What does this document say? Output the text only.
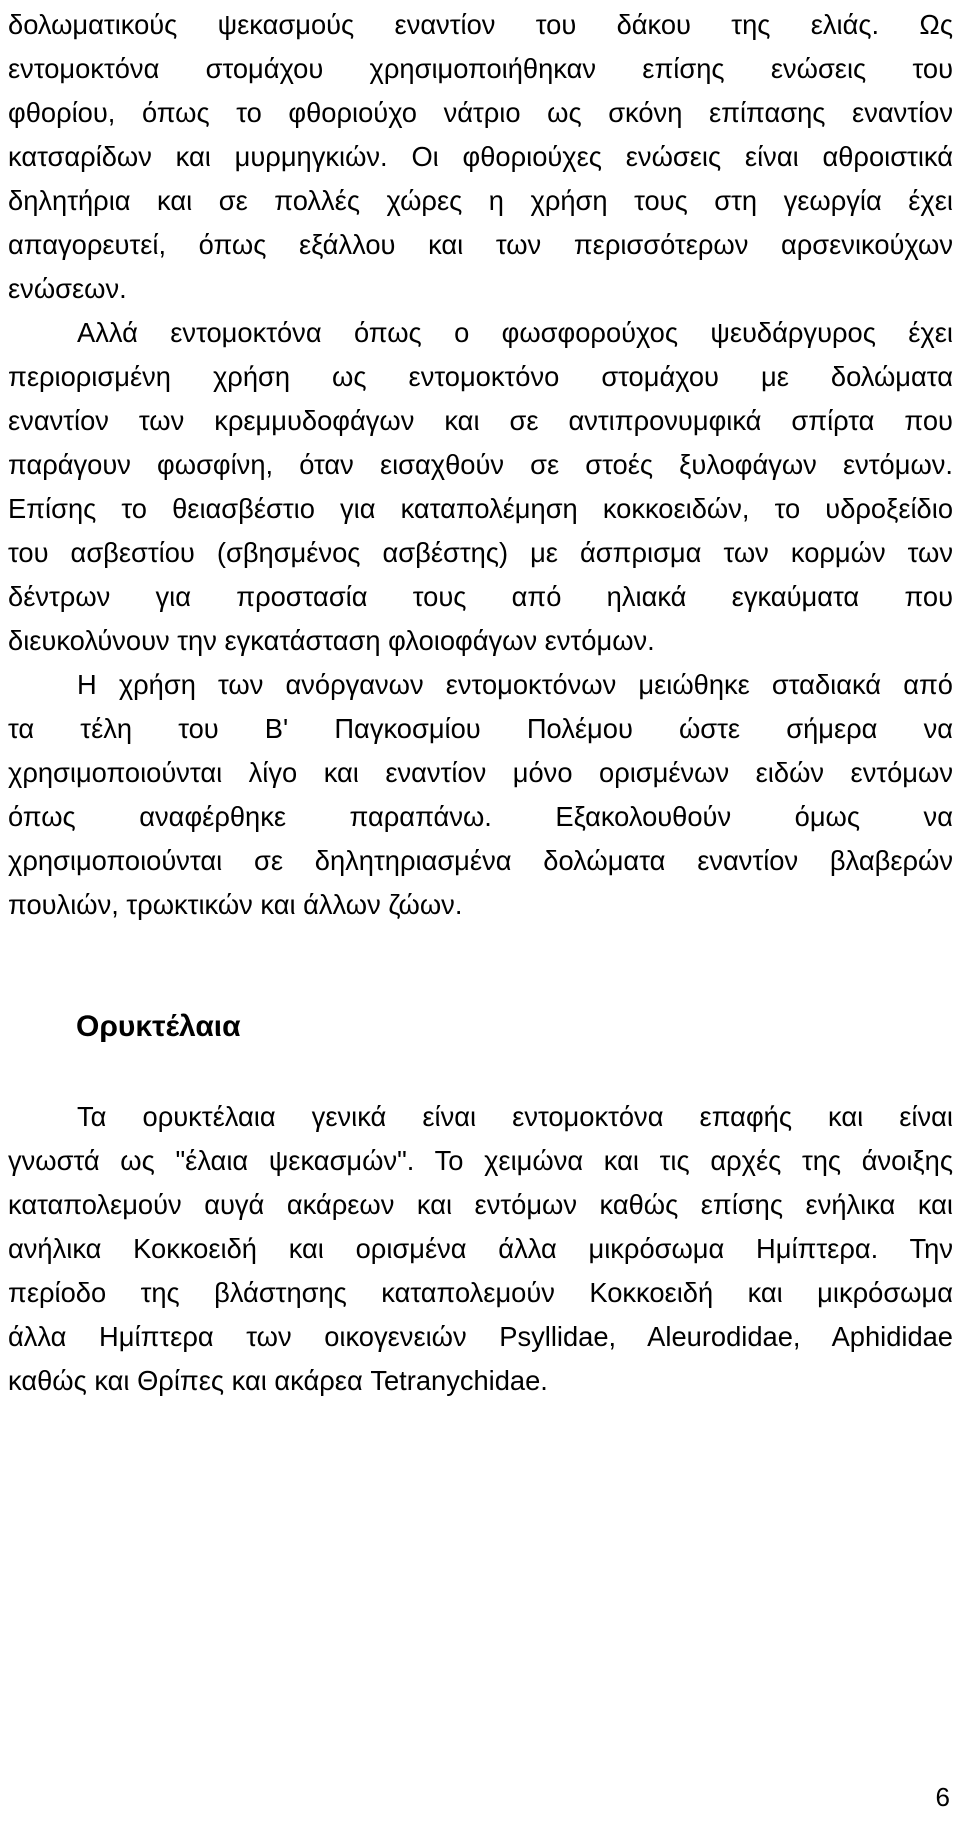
δολωματικούς ψεκασμούς εναντίον του δάκου της ελιάς. Ως
εντομοκτόνα στομάχου χρησιμοποιήθηκαν επίσης ενώσεις του
φθορίου, όπως το φθοριούχο νάτριο ως σκόνη επίπασης εναντίον
κατσαρίδων και μυρμηγκιών. Οι φθοριούχες ενώσεις είναι αθροιστικά
δηλητήρια και σε πολλές χώρες η χρήση τους στη γεωργία έχει
απαγορευτεί, όπως εξάλλου και των περισσότερων αρσενικούχων
ενώσεων.
Αλλά εντομοκτόνα όπως ο φωσφορούχος ψευδάργυρος έχει
περιορισμένη χρήση ως εντομοκτόνο στομάχου με δολώματα
εναντίον των κρεμμυδοφάγων και σε αντιπρονυμφικά σπίρτα που
παράγουν φωσφίνη, όταν εισαχθούν σε στοές ξυλοφάγων εντόμων.
Επίσης το θειασβέστιο για καταπολέμηση κοκκοειδών, το υδροξείδιο
του ασβεστίου (σβησμένος ασβέστης) με άσπρισμα των κορμών των
δέντρων για προστασία τους από ηλιακά εγκαύματα που
διευκολύνουν την εγκατάσταση φλοιοφάγων εντόμων.
Η χρήση των ανόργανων εντομοκτόνων μειώθηκε σταδιακά από
τα τέλη του Β' Παγκοσμίου Πολέμου ώστε σήμερα να
χρησιμοποιούνται λίγο και εναντίον μόνο ορισμένων ειδών εντόμων
όπως αναφέρθηκε παραπάνω. Εξακολουθούν όμως να
χρησιμοποιούνται σε δηλητηριασμένα δολώματα εναντίον βλαβερών
πουλιών, τρωκτικών και άλλων ζώων.
Ορυκτέλαια
Τα ορυκτέλαια γενικά είναι εντομοκτόνα επαφής και είναι
γνωστά ως "έλαια ψεκασμών". Το χειμώνα και τις αρχές της άνοιξης
καταπολεμούν αυγά ακάρεων και εντόμων καθώς επίσης ενήλικα και
ανήλικα Κοκκοειδή και ορισμένα άλλα μικρόσωμα Ημίπτερα. Την
περίοδο της βλάστησης καταπολεμούν Κοκκοειδή και μικρόσωμα
άλλα Ημίπτερα των οικογενειών Psyllidae, Aleurodidae, Aphididae
καθώς και Θρίπες και ακάρεα Tetranychidae.
6
